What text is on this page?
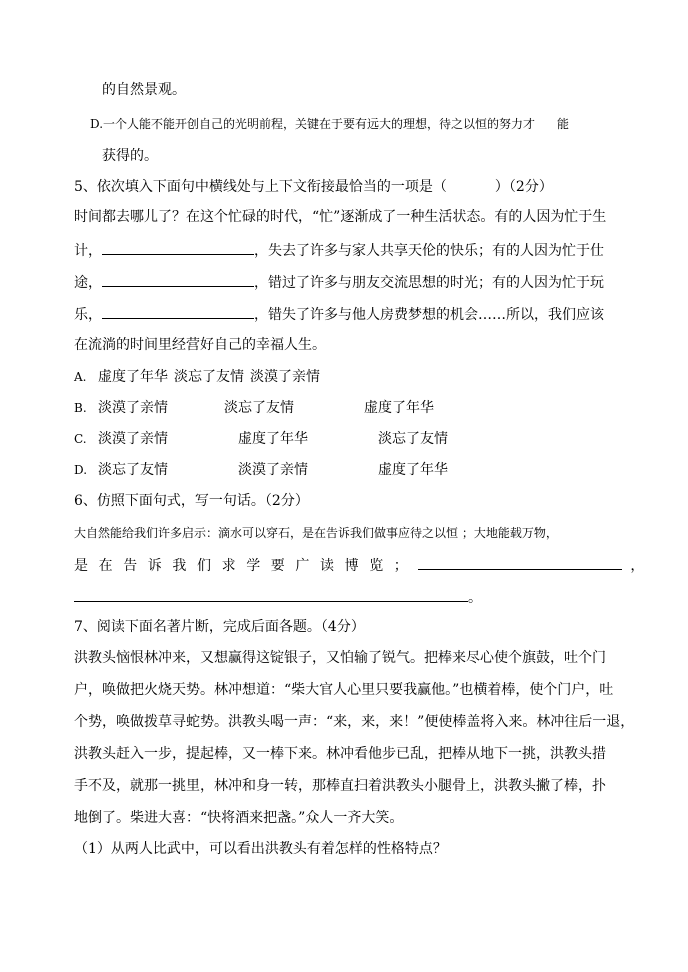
的自然景观。
D.一个人能不能开创自己的光明前程，关键在于要有远大的理想，待之以恒的努力才 能
获得的。
5、依次填入下面句中横线处与上下文衔接最恰当的一项是（	）（2分）
时间都去哪儿了？在这个忙碌的时代，“忙”逐渐成了一种生活状态。有的人因为忙于生
计，	，失去了许多与家人共享天伦的快乐；有的人因为忙于仕
途，	，错过了许多与朋友交流思想的时光；有的人因为忙于玩
乐，	，错失了许多与他人房费梦想的机会……所以，我们应该
在流淌的时间里经营好自己的幸福人生。
A. 虚度了年华 淡忘了友情 淡漠了亲情
B. 淡漠了亲情	淡忘了友情	虚度了年华
C. 淡漠了亲情	虚度了年华	淡忘了友情
D. 淡忘了友情	淡漠了亲情	虚度了年华
6、仿照下面句式，写一句话。（2分）
大自然能给我们许多启示：滴水可以穿石，是在告诉我们做事应待之以恒 ；大地能载万物，
是在告诉我们求学要广读博览；	，
。
7、阅读下面名著片断，完成后面各题。（4分）
洪教头恼恨林冲来，又想赢得这锭银子，又怕输了锐气。把棒来尽心使个旗鼓，吐个门
户，唤做把火烧天势。林冲想道：“柴大官人心里只要我赢他。”也横着棒，使个门户，吐
个势，唤做拨草寻蛇势。洪教头喝一声：“来，来，来！”便使棒盖将入来。林冲往后一退，
洪教头赶入一步，提起棒，又一棒下来。林冲看他步已乱，把棒从地下一挑，洪教头措
手不及，就那一挑里，林冲和身一转，那棒直扫着洪教头小腿骨上，洪教头撇了棒，扑
地倒了。柴进大喜：“快将酒来把盏。”众人一齐大笑。
（1）从两人比武中，可以看出洪教头有着怎样的性格特点？
